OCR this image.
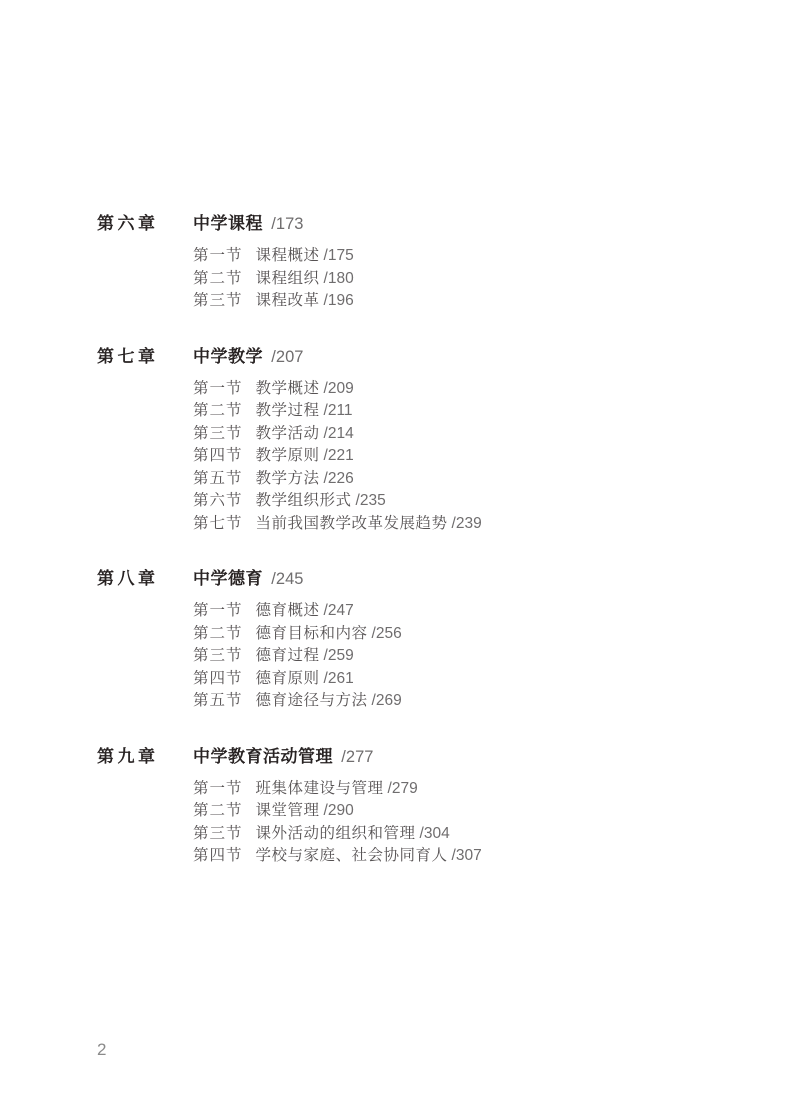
第六章	中学课程 /173
第一节 课程概述 /175
第二节 课程组织 /180
第三节 课程改革 /196
第七章	中学教学 /207
第一节 教学概述 /209
第二节 教学过程 /211
第三节 教学活动 /214
第四节 教学原则 /221
第五节 教学方法 /226
第六节 教学组织形式 /235
第七节 当前我国教学改革发展趋势 /239
第八章	中学德育 /245
第一节 德育概述 /247
第二节 德育目标和内容 /256
第三节 德育过程 /259
第四节 德育原则 /261
第五节 德育途径与方法 /269
第九章	中学教育活动管理 /277
第一节 班集体建设与管理 /279
第二节 课堂管理 /290
第三节 课外活动的组织和管理 /304
第四节 学校与家庭、社会协同育人 /307
2
